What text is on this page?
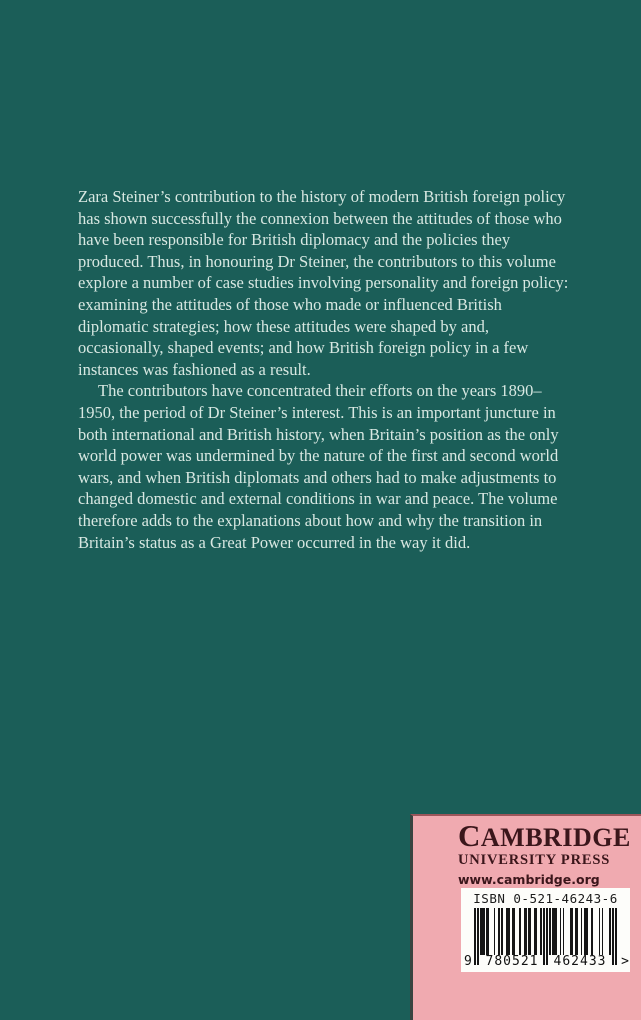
Zara Steiner’s contribution to the history of modern British foreign policy has shown successfully the connexion between the attitudes of those who have been responsible for British diplomacy and the policies they produced. Thus, in honouring Dr Steiner, the contributors to this volume explore a number of case studies involving personality and foreign policy: examining the attitudes of those who made or influenced British diplomatic strategies; how these attitudes were shaped by and, occasionally, shaped events; and how British foreign policy in a few instances was fashioned as a result.

The contributors have concentrated their efforts on the years 1890–1950, the period of Dr Steiner’s interest. This is an important juncture in both international and British history, when Britain’s position as the only world power was undermined by the nature of the first and second world wars, and when British diplomats and others had to make adjustments to changed domestic and external conditions in war and peace. The volume therefore adds to the explanations about how and why the transition in Britain’s status as a Great Power occurred in the way it did.

CAMBRIDGE
UNIVERSITY PRESS
www.cambridge.org
ISBN 0-521-46243-6
9	780521	462433	>
